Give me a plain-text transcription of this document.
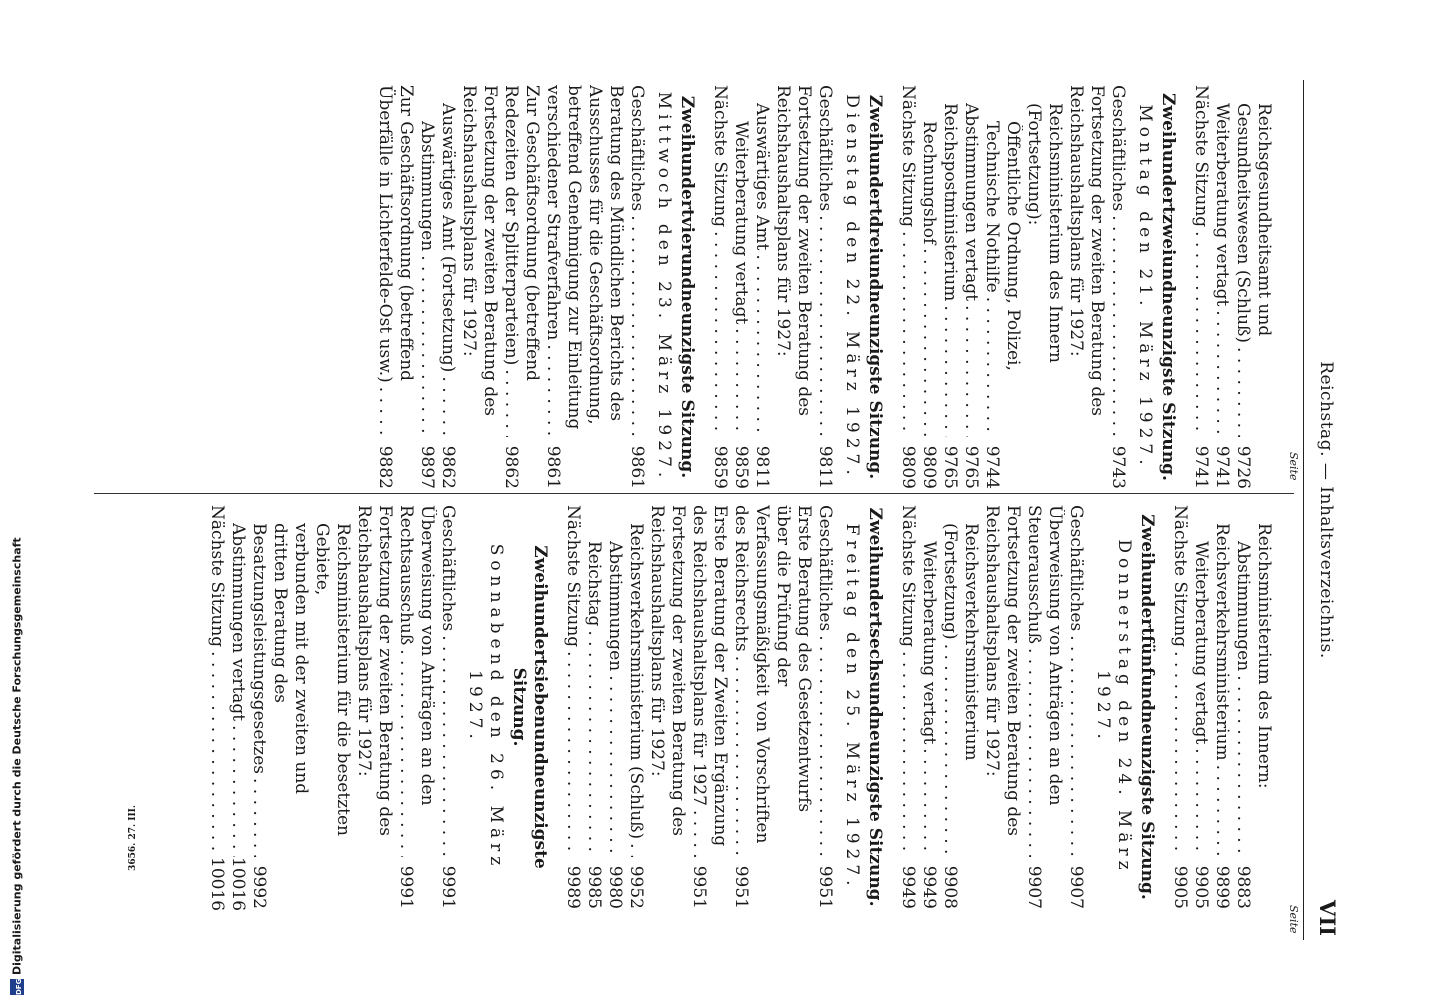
Reichstag. — Inhaltsverzeichnis.
VII
Seite
Seite
Reichsgesundheitsamt und Gesundheitswesen (Schluß) . . .
9726
Weiterberatung vertagt . . .
9741
Nächste Sitzung . . .
9741
Zweihundertzweiundneunzigste Sitzung.
Montag den 21. März 1927.
Geschäftliches . . .
9743
Fortsetzung der zweiten Beratung des Reichshaushaltsplans für 1927:
Reichsministerium des Innern (Fortsetzung):
Öffentliche Ordnung, Polizei, Technische Nothilfe . . .
9744
Abstimmungen vertagt . . .
9765
Reichspostministerium . . .
9765
Rechnungshof . . .
9809
Nächste Sitzung . . .
9809
Zweihundertdreiundneunzigste Sitzung.
Dienstag den 22. März 1927.
Geschäftliches . . .
9811
Fortsetzung der zweiten Beratung des Reichshaushaltsplans für 1927:
Auswärtiges Amt . . .
9811
Weiterberatung vertagt . . .
9859
Nächste Sitzung . . .
9859
Zweihundertvierundneunzigste Sitzung.
Mittwoch den 23. März 1927.
Geschäftliches . . .
9861
Beratung des Mündlichen Berichts des Ausschusses für die Geschäftsordnung, betreffend Genehmigung zur Einleitung verschiedener Strafverfahren . . .
9861
Zur Geschäftsordnung (betreffend Redezeiten der Splitterparteien) . . .
9862
Fortsetzung der zweiten Beratung des Reichshaushaltsplans für 1927:
Auswärtiges Amt (Fortsetzung) . . .
9862
Abstimmungen . . .
9897
Zur Geschäftsordnung (betreffend Überfälle in Lichterfelde-Ost usw.) . . .
9882
Reichsministerium des Innern:
Abstimmungen . . .
9883
Reichsverkehrsministerium . . .
9899
Weiterberatung vertagt . . .
9905
Nächste Sitzung . . .
9905
Zweihundertfünfundneunzigste Sitzung.
Donnerstag den 24. März 1927.
Geschäftliches . . .
9907
Überweisung von Anträgen an den Steuerausschuß . . .
9907
Fortsetzung der zweiten Beratung des Reichshaushaltsplans für 1927:
Reichsverkehrsministerium (Fortsetzung) . . .
9908
Weiterberatung vertagt . . .
9949
Nächste Sitzung . . .
9949
Zweihundertsechsundneunzigste Sitzung.
Freitag den 25. März 1927.
Geschäftliches . . .
9951
Erste Beratung des Gesetzentwurfs über die Prüfung der Verfassungsmäßigkeit von Vorschriften des Reichsrechts . . .
9951
Erste Beratung der Zweiten Ergänzung des Reichshaushaltsplans für 1927 . . .
9951
Fortsetzung der zweiten Beratung des Reichshaushaltsplans für 1927:
Reichsverkehrsministerium (Schluß) . . .
9952
Abstimmungen . . .
9980
Reichstag . . .
9985
Nächste Sitzung . . .
9989
Zweihundertsiebenundneunzigste Sitzung.
Sonnabend den 26. März 1927.
Geschäftliches . . .
9991
Überweisung von Anträgen an den Rechtsausschuß . . .
9991
Fortsetzung der zweiten Beratung des Reichshaushaltsplans für 1927:
Reichsministerium für die besetzten Gebiete,
verbunden mit der zweiten und dritten Beratung des Besatzungsleistungsgesetzes . . .
9992
Abstimmungen vertagt . . .
10016
Nächste Sitzung . . .
10016
DFG
Digitalisierung gefördert durch die Deutsche Forschungsgemeinschaft	3656. 27. III.
